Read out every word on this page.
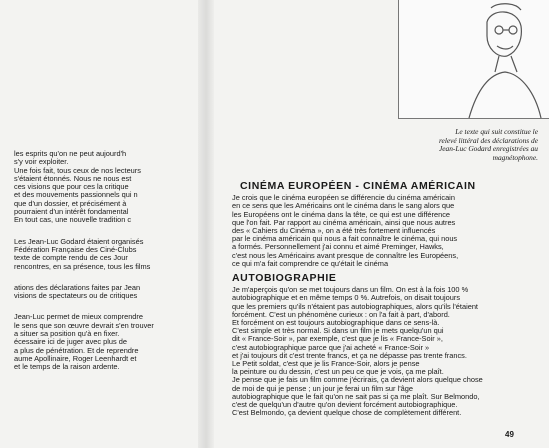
les esprits qu'on ne peut aujourd'h
s'y voir exploiter.
Une fois fait, tous ceux de nos lecteurs
s'étaient étonnés. Nous ne nous est
ces visions que pour ces la critique
et des mouvements passionnels qui n
que d'un dossier, et précisément à
pourraient d'un intérêt fondamental
En tout cas, une nouvelle tradition c
Les Jean-Luc Godard étaient organisés
Fédération Française des Ciné-Clubs
texte de compte rendu de ces Jour
rencontres, en sa présence, tous les films
ations des déclarations faites par Jean
visions de spectateurs ou de critiques
Jean-Luc permet de mieux comprendre
le sens que son œuvre devrait s'en trouver
a situer sa position qu'à en fixer.
écessaire ici de juger avec plus de
a plus de pénétration. Et de reprendre
aume Apollinaire, Roger Leenhardt et
et le temps de la raison ardente.
Le texte qui suit constitue le
relevé littéral des déclarations de
Jean-Luc Godard enregistrées au
magnétophone.
CINÉMA EUROPÉEN - CINÉMA AMÉRICAIN
Je crois que le cinéma européen se différencie du cinéma américain
en ce sens que les Américains ont le cinéma dans le sang alors que
les Européens ont le cinéma dans la tête, ce qui est une différence
que l'on fait. Par rapport au cinéma américain, ainsi que nous autres
des « Cahiers du Cinéma », on a été très fortement influencés
par le cinéma américain qui nous a fait connaître le cinéma, qui nous
a formés. Personnellement j'ai connu et aimé Preminger, Hawks,
c'est nous les Américains avant presque de connaître les Européens,
ce qui m'a fait comprendre ce qu'était le cinéma
AUTOBIOGRAPHIE
Je m'aperçois qu'on se met toujours dans un film. On est à la fois 100 %
autobiographique et en même temps 0 %. Autrefois, on disait toujours
que les premiers qu'ils n'étaient pas autobiographiques, alors qu'ils l'étaient
forcément. C'est un phénomène curieux : on l'a fait à part, d'abord.
Et forcément on est toujours autobiographique dans ce sens-là.
C'est simple et très normal. Si dans un film je mets quelqu'un qui
dit « France-Soir », par exemple, c'est que je lis « France-Soir »,
c'est autobiographique parce que j'ai acheté « France-Soir »
et j'ai toujours dit c'est trente francs, et ça ne dépasse pas trente francs.
Le Petit soldat, c'est que je lis France-Soir, alors je pense
la peinture ou du dessin, c'est un peu ce que je vois, ça me plaît.
Je pense que je fais un film comme j'écrirais, ça devient alors quelque chose
de moi de qui je pense ; un jour je ferai un film sur l'âge
autobiographique que le fait qu'on ne sait pas si ça me plaît. Sur Belmondo,
c'est de quelqu'un d'autre qu'on devient forcément autobiographique.
C'est Belmondo, ça devient quelque chose de complètement différent.
49
